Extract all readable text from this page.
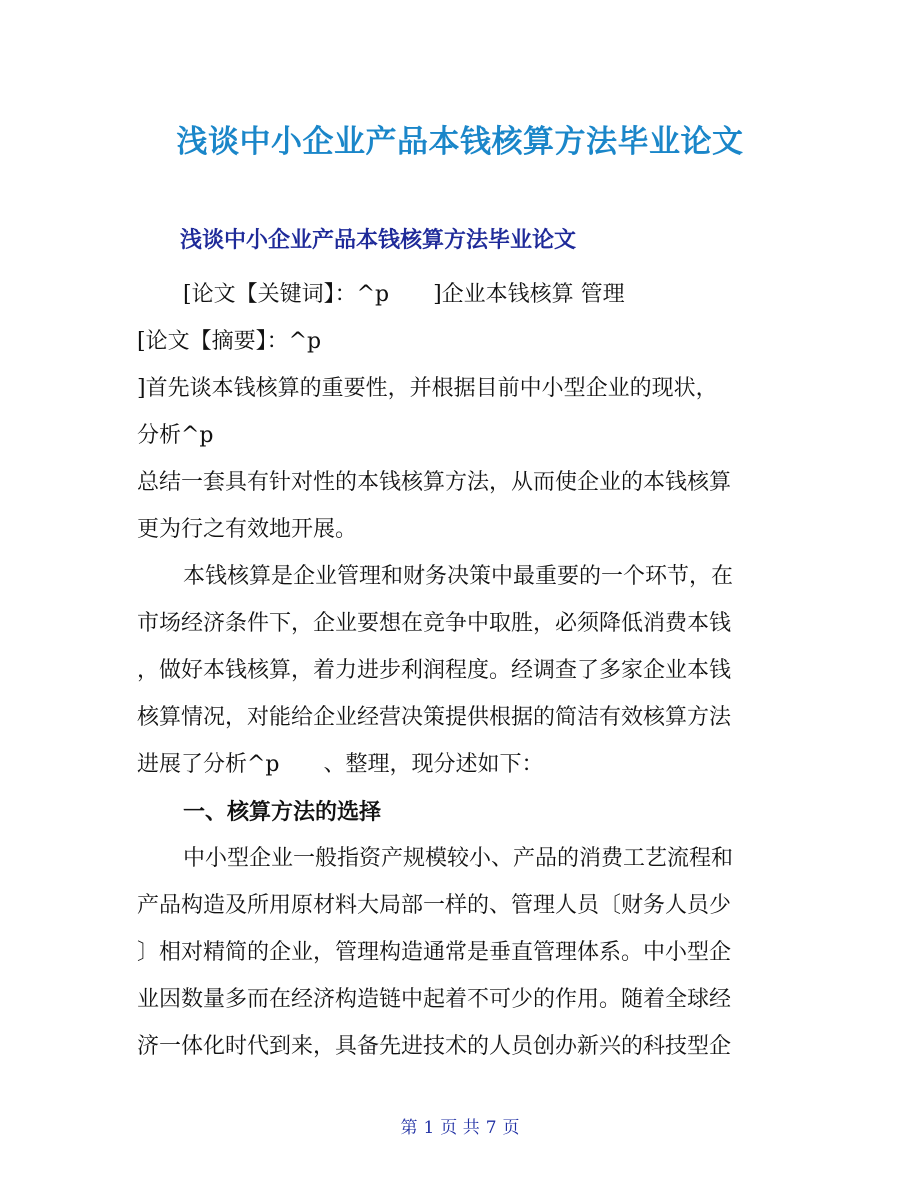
浅谈中小企业产品本钱核算方法毕业论文
浅谈中小企业产品本钱核算方法毕业论文
[论文【关键词】：^p　　]企业本钱核算 管理
[论文【摘要】：^p
]首先谈本钱核算的重要性，并根据目前中小型企业的现状，
分析^p
总结一套具有针对性的本钱核算方法，从而使企业的本钱核算
更为行之有效地开展。
本钱核算是企业管理和财务决策中最重要的一个环节，在
市场经济条件下，企业要想在竞争中取胜，必须降低消费本钱
，做好本钱核算，着力进步利润程度。经调查了多家企业本钱
核算情况，对能给企业经营决策提供根据的简洁有效核算方法
进展了分析^p　　、整理，现分述如下：
一、核算方法的选择
中小型企业一般指资产规模较小、产品的消费工艺流程和
产品构造及所用原材料大局部一样的、管理人员〔财务人员少
〕相对精简的企业，管理构造通常是垂直管理体系。中小型企
业因数量多而在经济构造链中起着不可少的作用。随着全球经
济一体化时代到来，具备先进技术的人员创办新兴的科技型企
第 1 页 共 7 页
